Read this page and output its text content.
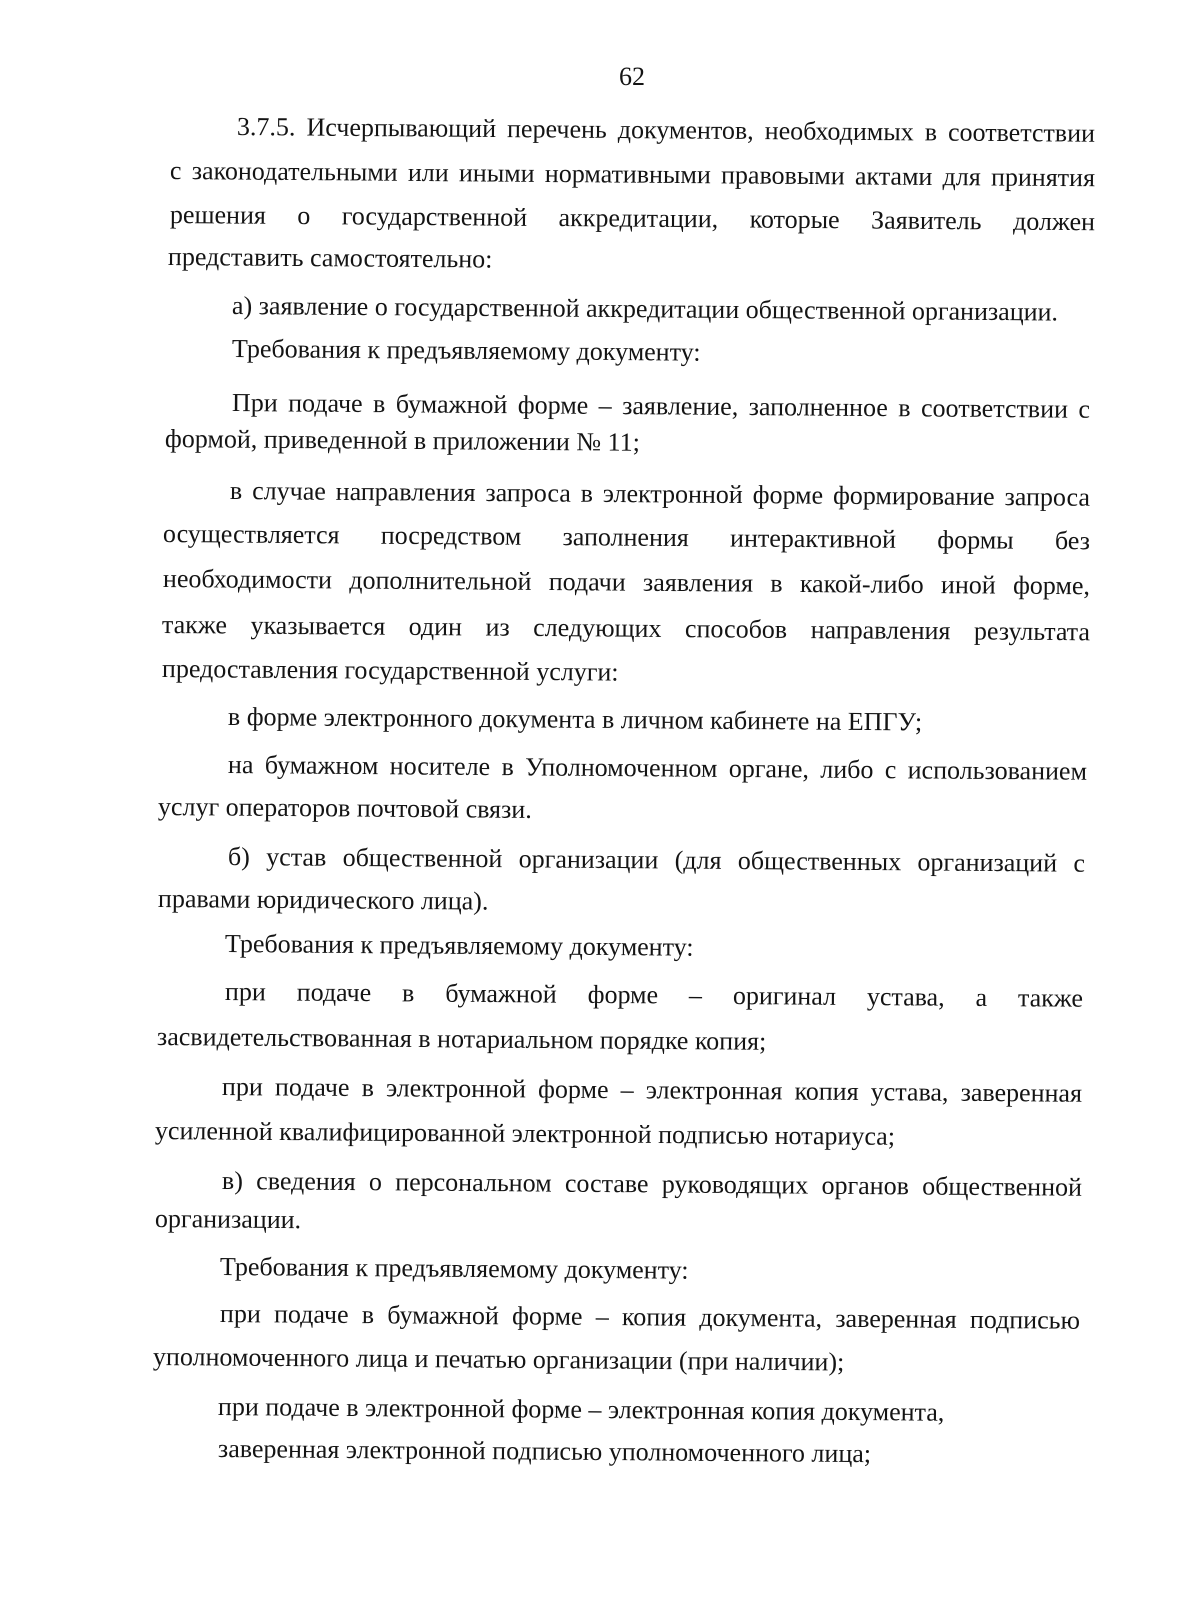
62
3.7.5. Исчерпывающий перечень документов, необходимых в соответствии
с законодательными или иными нормативными правовыми актами для принятия
решения о государственной аккредитации, которые Заявитель должен
представить самостоятельно:
а) заявление о государственной аккредитации общественной организации.
Требования к предъявляемому документу:
При подаче в бумажной форме – заявление, заполненное в соответствии с
формой, приведенной в приложении № 11;
в случае направления запроса в электронной форме формирование запроса
осуществляется посредством заполнения интерактивной формы без
необходимости дополнительной подачи заявления в какой-либо иной форме,
также указывается один из следующих способов направления результата
предоставления государственной услуги:
в форме электронного документа в личном кабинете на ЕПГУ;
на бумажном носителе в Уполномоченном органе, либо с использованием
услуг операторов почтовой связи.
б) устав общественной организации (для общественных организаций с
правами юридического лица).
Требования к предъявляемому документу:
при подаче в бумажной форме – оригинал устава, а также
засвидетельствованная в нотариальном порядке копия;
при подаче в электронной форме – электронная копия устава, заверенная
усиленной квалифицированной электронной подписью нотариуса;
в) сведения о персональном составе руководящих органов общественной
организации.
Требования к предъявляемому документу:
при подаче в бумажной форме – копия документа, заверенная подписью
уполномоченного лица и печатью организации (при наличии);
при подаче в электронной форме – электронная копия документа,
заверенная электронной подписью уполномоченного лица;
